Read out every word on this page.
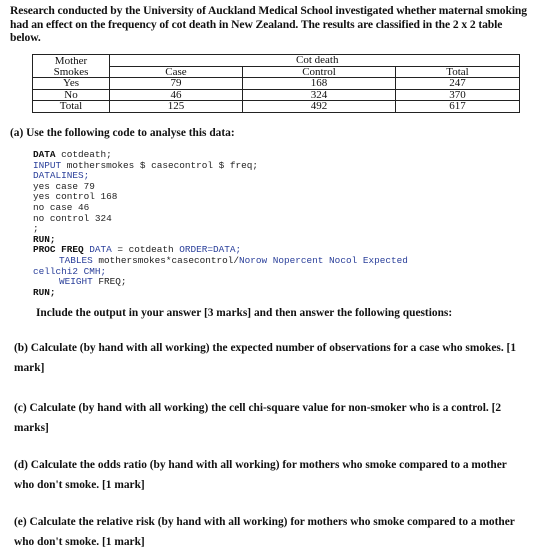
Research conducted by the University of Auckland Medical School investigated whether maternal smoking had an effect on the frequency of cot death in New Zealand. The results are classified in the 2 x 2 table below.
Mother	Cot death		
Smokes	Case	Control	Total
Yes	79	168	247
No	46	324	370
Total	125	492	617
(a) Use the following code to analyse this data:
DATA cotdeath;
INPUT mothersmokes $ casecontrol $ freq;
DATALINES;
yes case 79
yes control 168
no case 46
no control 324
;
RUN;
PROC FREQ DATA = cotdeath ORDER=DATA;
TABLES mothersmokes*casecontrol/Norow Nopercent Nocol Expected
cellchi2 CMH;
WEIGHT FREQ;
RUN;
Include the output in your answer [3 marks] and then answer the following questions:
(b) Calculate (by hand with all working) the expected number of observations for a case who smokes. [1 mark]
(c) Calculate (by hand with all working) the cell chi-square value for non-smoker who is a control. [2 marks]
(d) Calculate the odds ratio (by hand with all working) for mothers who smoke compared to a mother who don't smoke. [1 mark]
(e) Calculate the relative risk (by hand with all working) for mothers who smoke compared to a mother who don't smoke. [1 mark]
